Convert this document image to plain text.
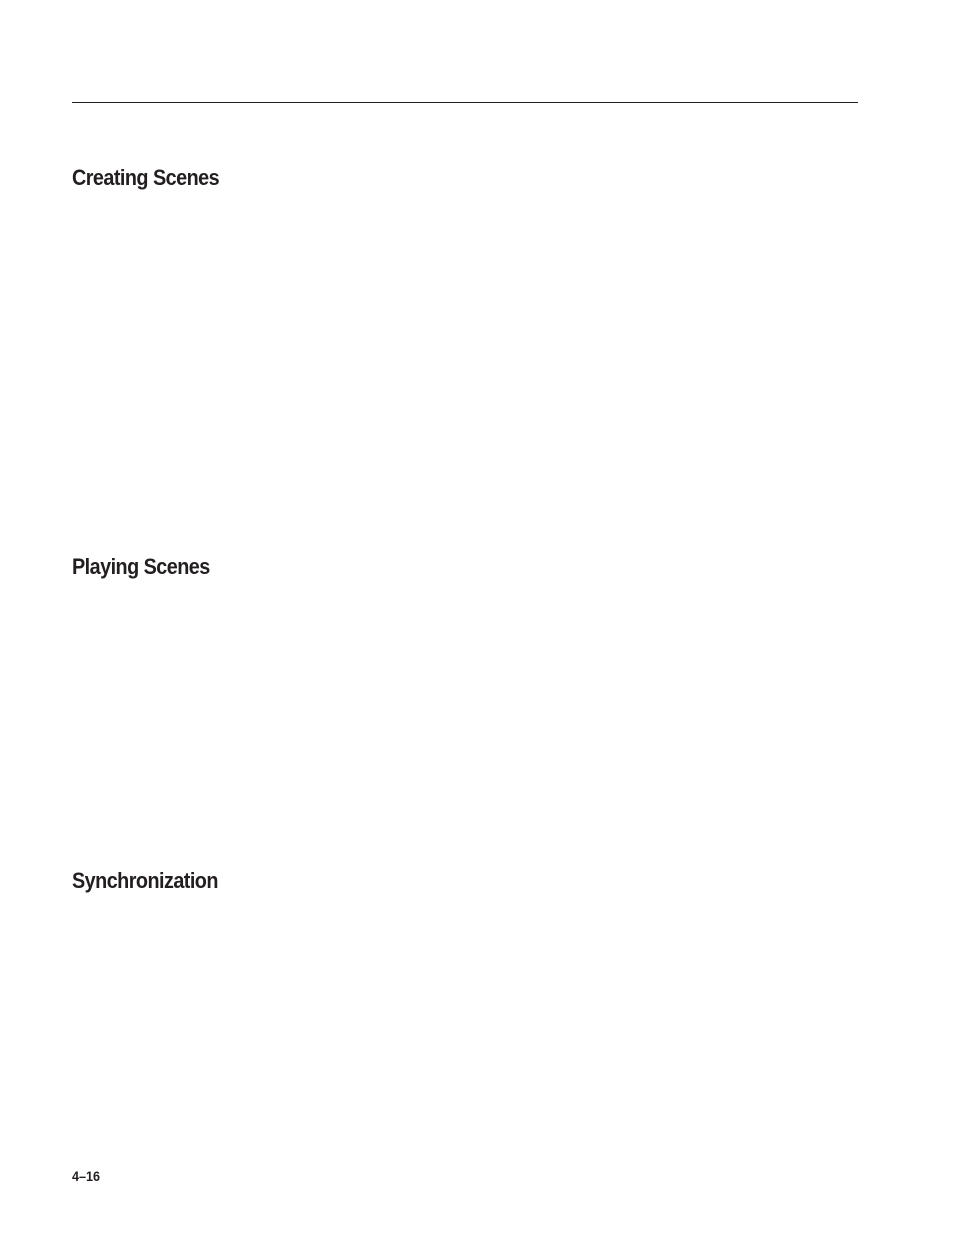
Creating Scenes
Playing Scenes
Synchronization
4–16
